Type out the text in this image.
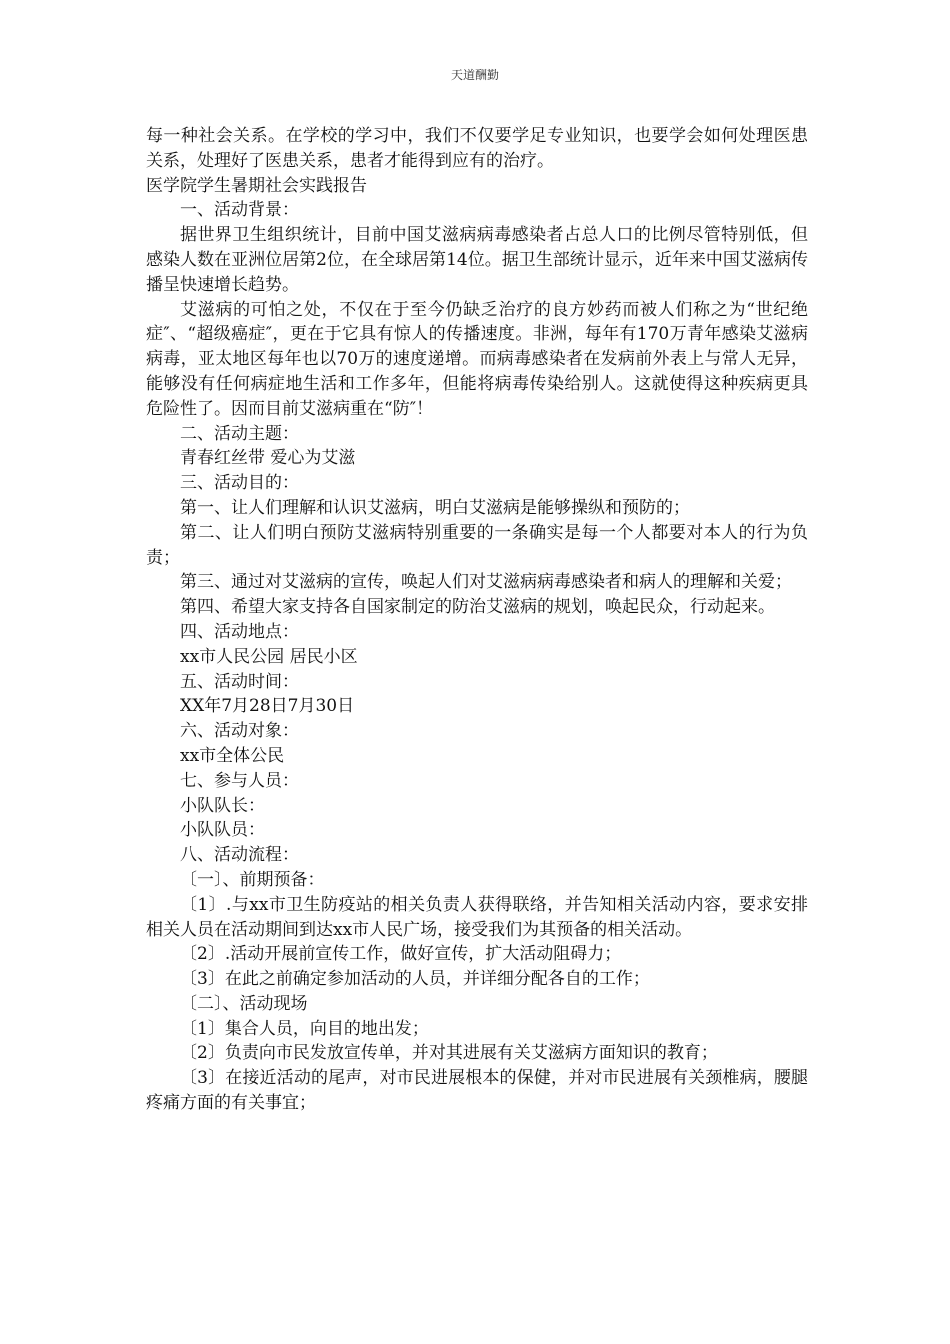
天道酬勤

每一种社会关系。在学校的学习中，我们不仅要学足专业知识，也要学会如何处理医患关系，处理好了医患关系，患者才能得到应有的治疗。

医学院学生暑期社会实践报告

一、活动背景：

据世界卫生组织统计，目前中国艾滋病病毒感染者占总人口的比例尽管特别低，但感染人数在亚洲位居第2位，在全球居第14位。据卫生部统计显示，近年来中国艾滋病传播呈快速增长趋势。

艾滋病的可怕之处，不仅在于至今仍缺乏治疗的良方妙药而被人们称之为“世纪绝症″、“超级癌症″，更在于它具有惊人的传播速度。非洲，每年有170万青年感染艾滋病病毒，亚太地区每年也以70万的速度递增。而病毒感染者在发病前外表上与常人无异，能够没有任何病症地生活和工作多年，但能将病毒传染给别人。这就使得这种疾病更具危险性了。因而目前艾滋病重在“防″！

二、活动主题：

青春红丝带 爱心为艾滋

三、活动目的：

第一、让人们理解和认识艾滋病，明白艾滋病是能够操纵和预防的；

第二、让人们明白预防艾滋病特别重要的一条确实是每一个人都要对本人的行为负责；

第三、通过对艾滋病的宣传，唤起人们对艾滋病病毒感染者和病人的理解和关爱；

第四、希望大家支持各自国家制定的防治艾滋病的规划，唤起民众，行动起来。

四、活动地点：

xx市人民公园 居民小区

五、活动时间：

XX年7月28日7月30日

六、活动对象：

xx市全体公民

七、参与人员：

小队队长：

小队队员：

八、活动流程：

〔一〕、前期预备：

〔1〕.与xx市卫生防疫站的相关负责人获得联络，并告知相关活动内容，要求安排相关人员在活动期间到达xx市人民广场，接受我们为其预备的相关活动。

〔2〕.活动开展前宣传工作，做好宣传，扩大活动阻碍力；

〔3〕在此之前确定参加活动的人员，并详细分配各自的工作；

〔二〕、活动现场

〔1〕集合人员，向目的地出发；

〔2〕负责向市民发放宣传单，并对其进展有关艾滋病方面知识的教育；

〔3〕在接近活动的尾声，对市民进展根本的保健，并对市民进展有关颈椎病，腰腿疼痛方面的有关事宜；
